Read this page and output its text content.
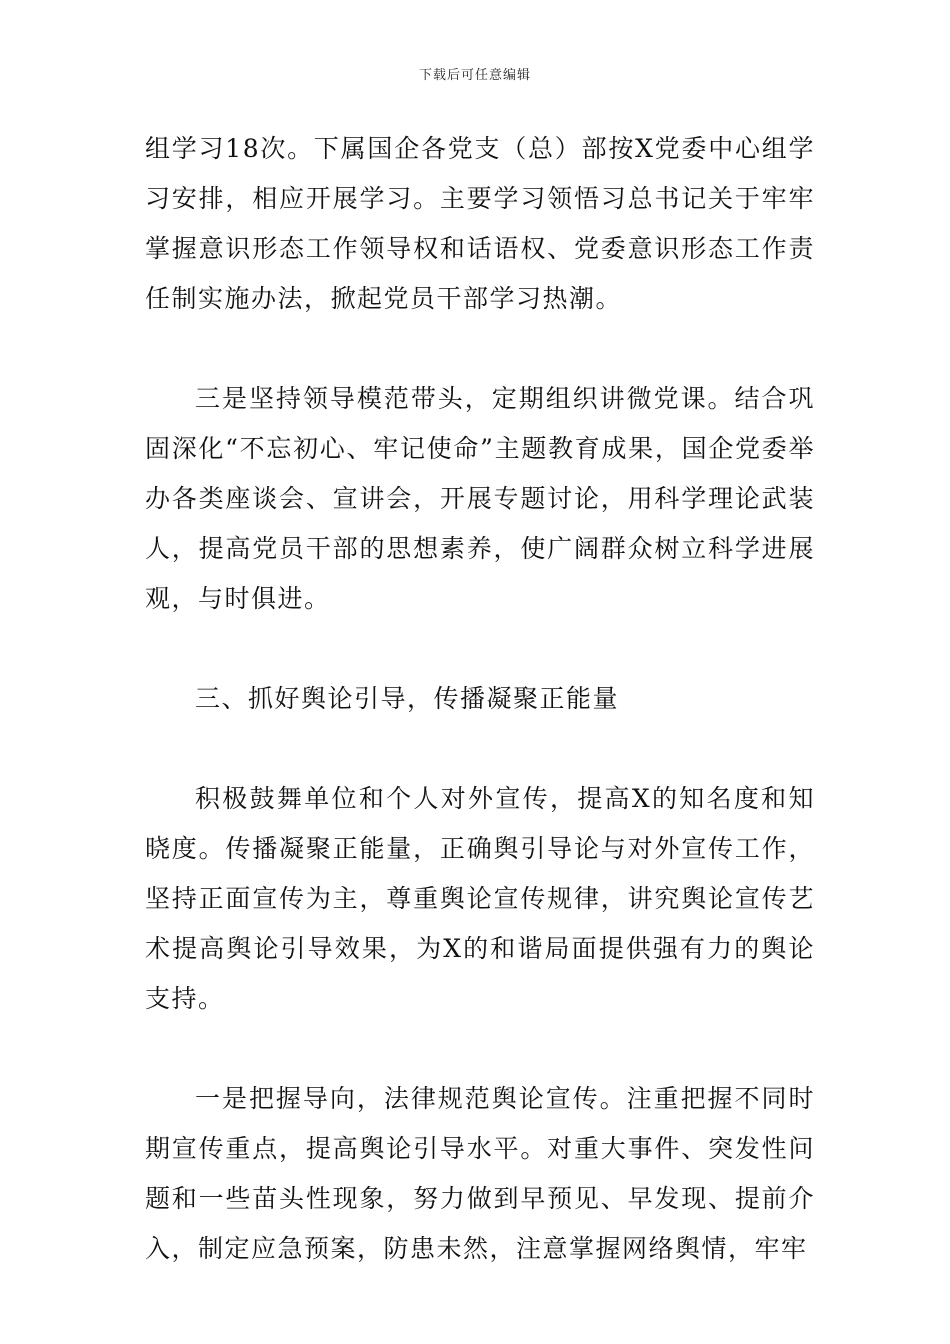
下载后可任意编辑

组学习18次。下属国企各党支（总）部按X党委中心组学习安排，相应开展学习。主要学习领悟习总书记关于牢牢掌握意识形态工作领导权和话语权、党委意识形态工作责任制实施办法，掀起党员干部学习热潮。

三是坚持领导模范带头，定期组织讲微党课。结合巩固深化“不忘初心、牢记使命”主题教育成果，国企党委举办各类座谈会、宣讲会，开展专题讨论，用科学理论武装人，提高党员干部的思想素养，使广阔群众树立科学进展观，与时俱进。

三、抓好舆论引导，传播凝聚正能量

积极鼓舞单位和个人对外宣传，提高X的知名度和知晓度。传播凝聚正能量，正确舆引导论与对外宣传工作，坚持正面宣传为主，尊重舆论宣传规律，讲究舆论宣传艺术提高舆论引导效果，为X的和谐局面提供强有力的舆论支持。

一是把握导向，法律规范舆论宣传。注重把握不同时期宣传重点，提高舆论引导水平。对重大事件、突发性问题和一些苗头性现象，努力做到早预见、早发现、提前介入，制定应急预案，防患未然，注意掌握网络舆情，牢牢
